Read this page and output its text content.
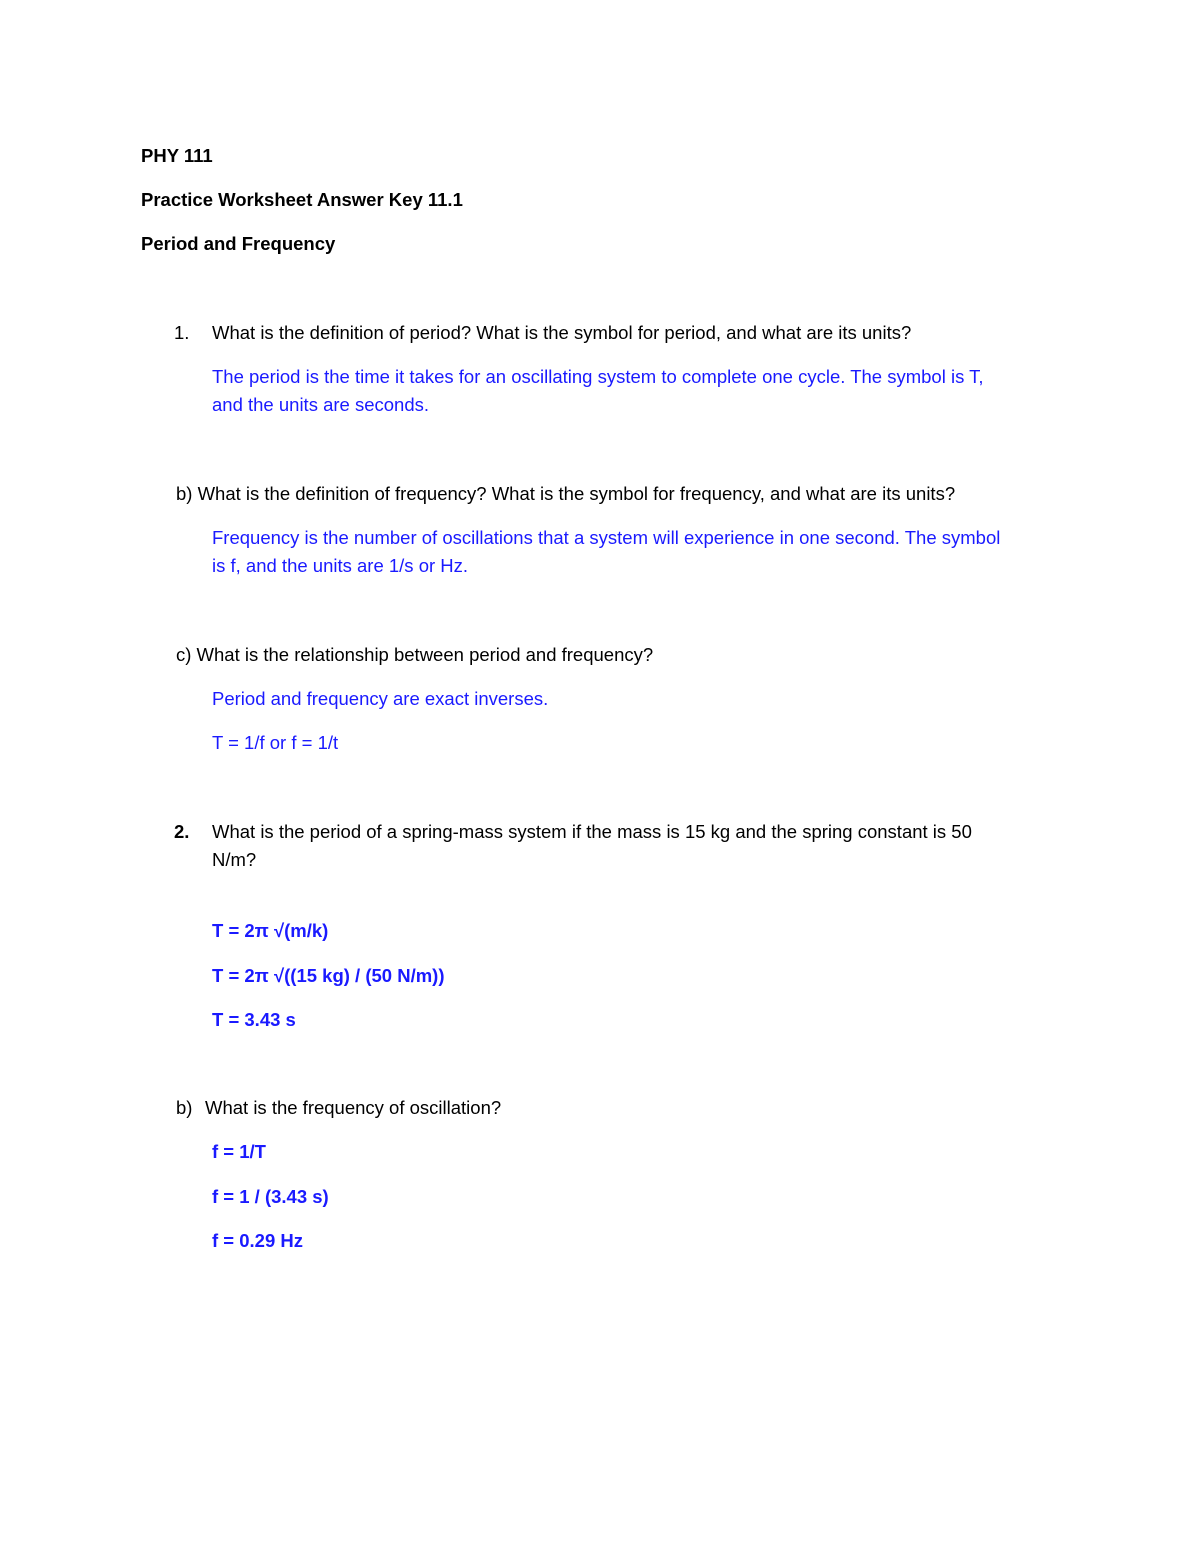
PHY 111
Practice Worksheet Answer Key 11.1
Period and Frequency
1. What is the definition of period? What is the symbol for period, and what are its units?
The period is the time it takes for an oscillating system to complete one cycle. The symbol is T,
and the units are seconds.
b) What is the definition of frequency? What is the symbol for frequency, and what are its units?
Frequency is the number of oscillations that a system will experience in one second. The symbol
is f, and the units are 1/s or Hz.
c) What is the relationship between period and frequency?
Period and frequency are exact inverses.
T = 1/f or f = 1/t
2. What is the period of a spring-mass system if the mass is 15 kg and the spring constant is 50
N/m?
T = 2π √(m/k)
T = 2π √((15 kg) / (50 N/m))
T = 3.43 s
b) What is the frequency of oscillation?
f = 1/T
f = 1 / (3.43 s)
f = 0.29 Hz
